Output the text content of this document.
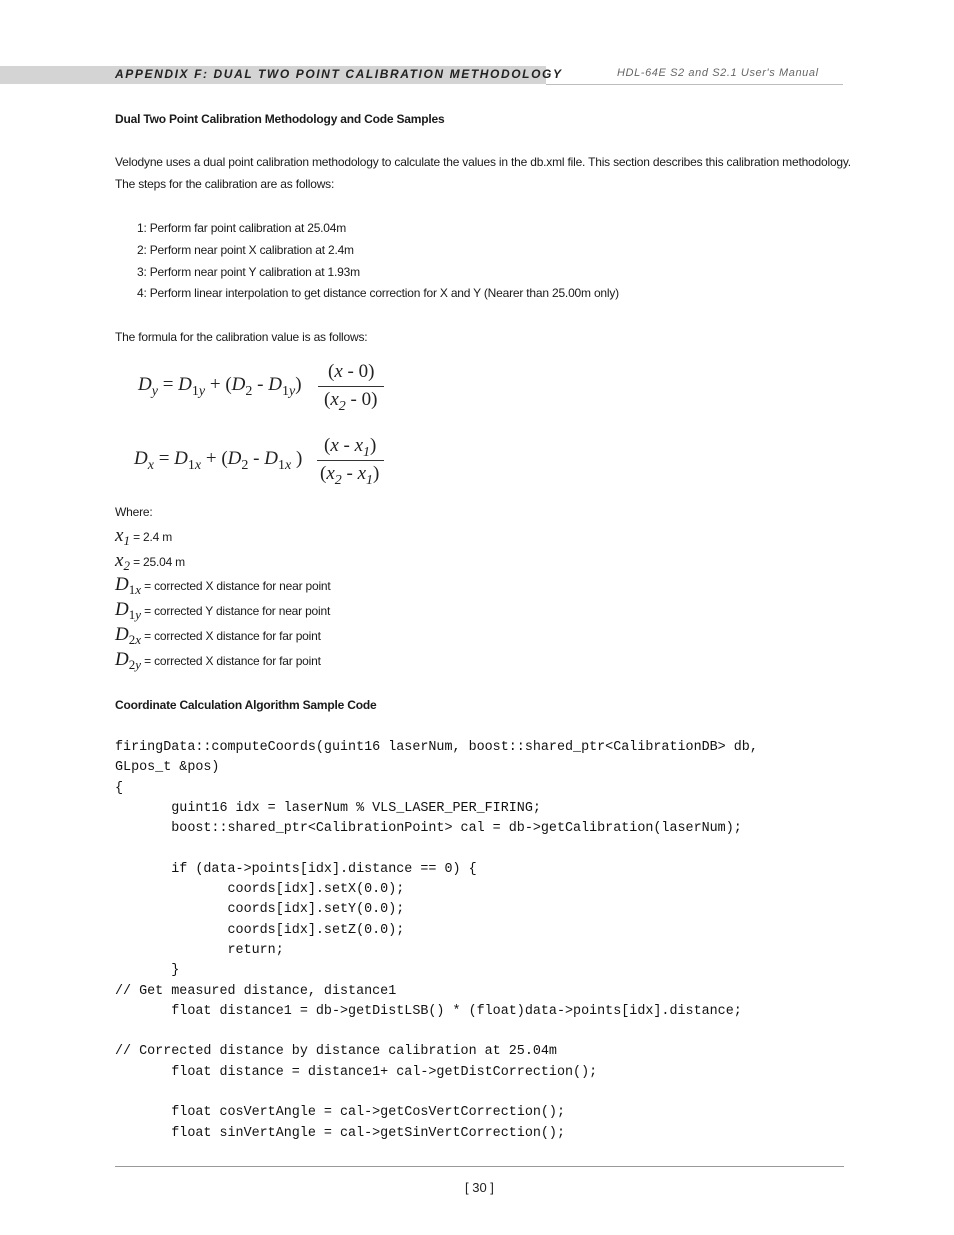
APPENDIX F: DUAL TWO POINT CALIBRATION METHODOLOGY	HDL-64E S2 and S2.1 User's Manual
Dual Two Point Calibration Methodology and Code Samples
Velodyne uses a dual point calibration methodology to calculate the values in the db.xml file. This section describes this calibration methodology.
The steps for the calibration are as follows:
1: Perform far point calibration at 25.04m
2: Perform near point X calibration at 2.4m
3: Perform near point Y calibration at 1.93m
4: Perform linear interpolation to get distance correction for X and Y (Nearer than 25.00m only)
The formula for the calibration value is as follows:
$D_y = D_{1y} + (D_2 - D_{1y})$
(x - 0)
$(x_2 - 0)$
$D_x = D_{1x} + (D_2 - D_{1x}$ )
$(x - x_1)$
$(x_2 - x_1)$
Where:
$x_1 = 2.4$ m
$x_2 = 25.04$ m
$D_{1x}$ = corrected X distance for near point
$D_{1y}$ = corrected Y distance for near point
$D_{2x}$ = corrected X distance for far point
$D_{2y}$ = corrected X distance for far point
Coordinate Calculation Algorithm Sample Code
firingData::computeCoords(guint16 laserNum, boost::shared_ptr<CalibrationDB> db,
GLpos_t &pos)
{
guint16 idx = laserNum % VLS_LASER_PER_FIRING;
boost::shared_ptr<CalibrationPoint> cal = db->getCalibration(laserNum);

if (data->points[idx].distance == 0) {
coords[idx].setX(0.0);
coords[idx].setY(0.0);
coords[idx].setZ(0.0);
return;
}
// Get measured distance, distance1
float distance1 = db->getDistLSB() * (float)data->points[idx].distance;

// Corrected distance by distance calibration at 25.04m
float distance = distance1+ cal->getDistCorrection();

float cosVertAngle = cal->getCosVertCorrection();
float sinVertAngle = cal->getSinVertCorrection();
[ 30 ]
